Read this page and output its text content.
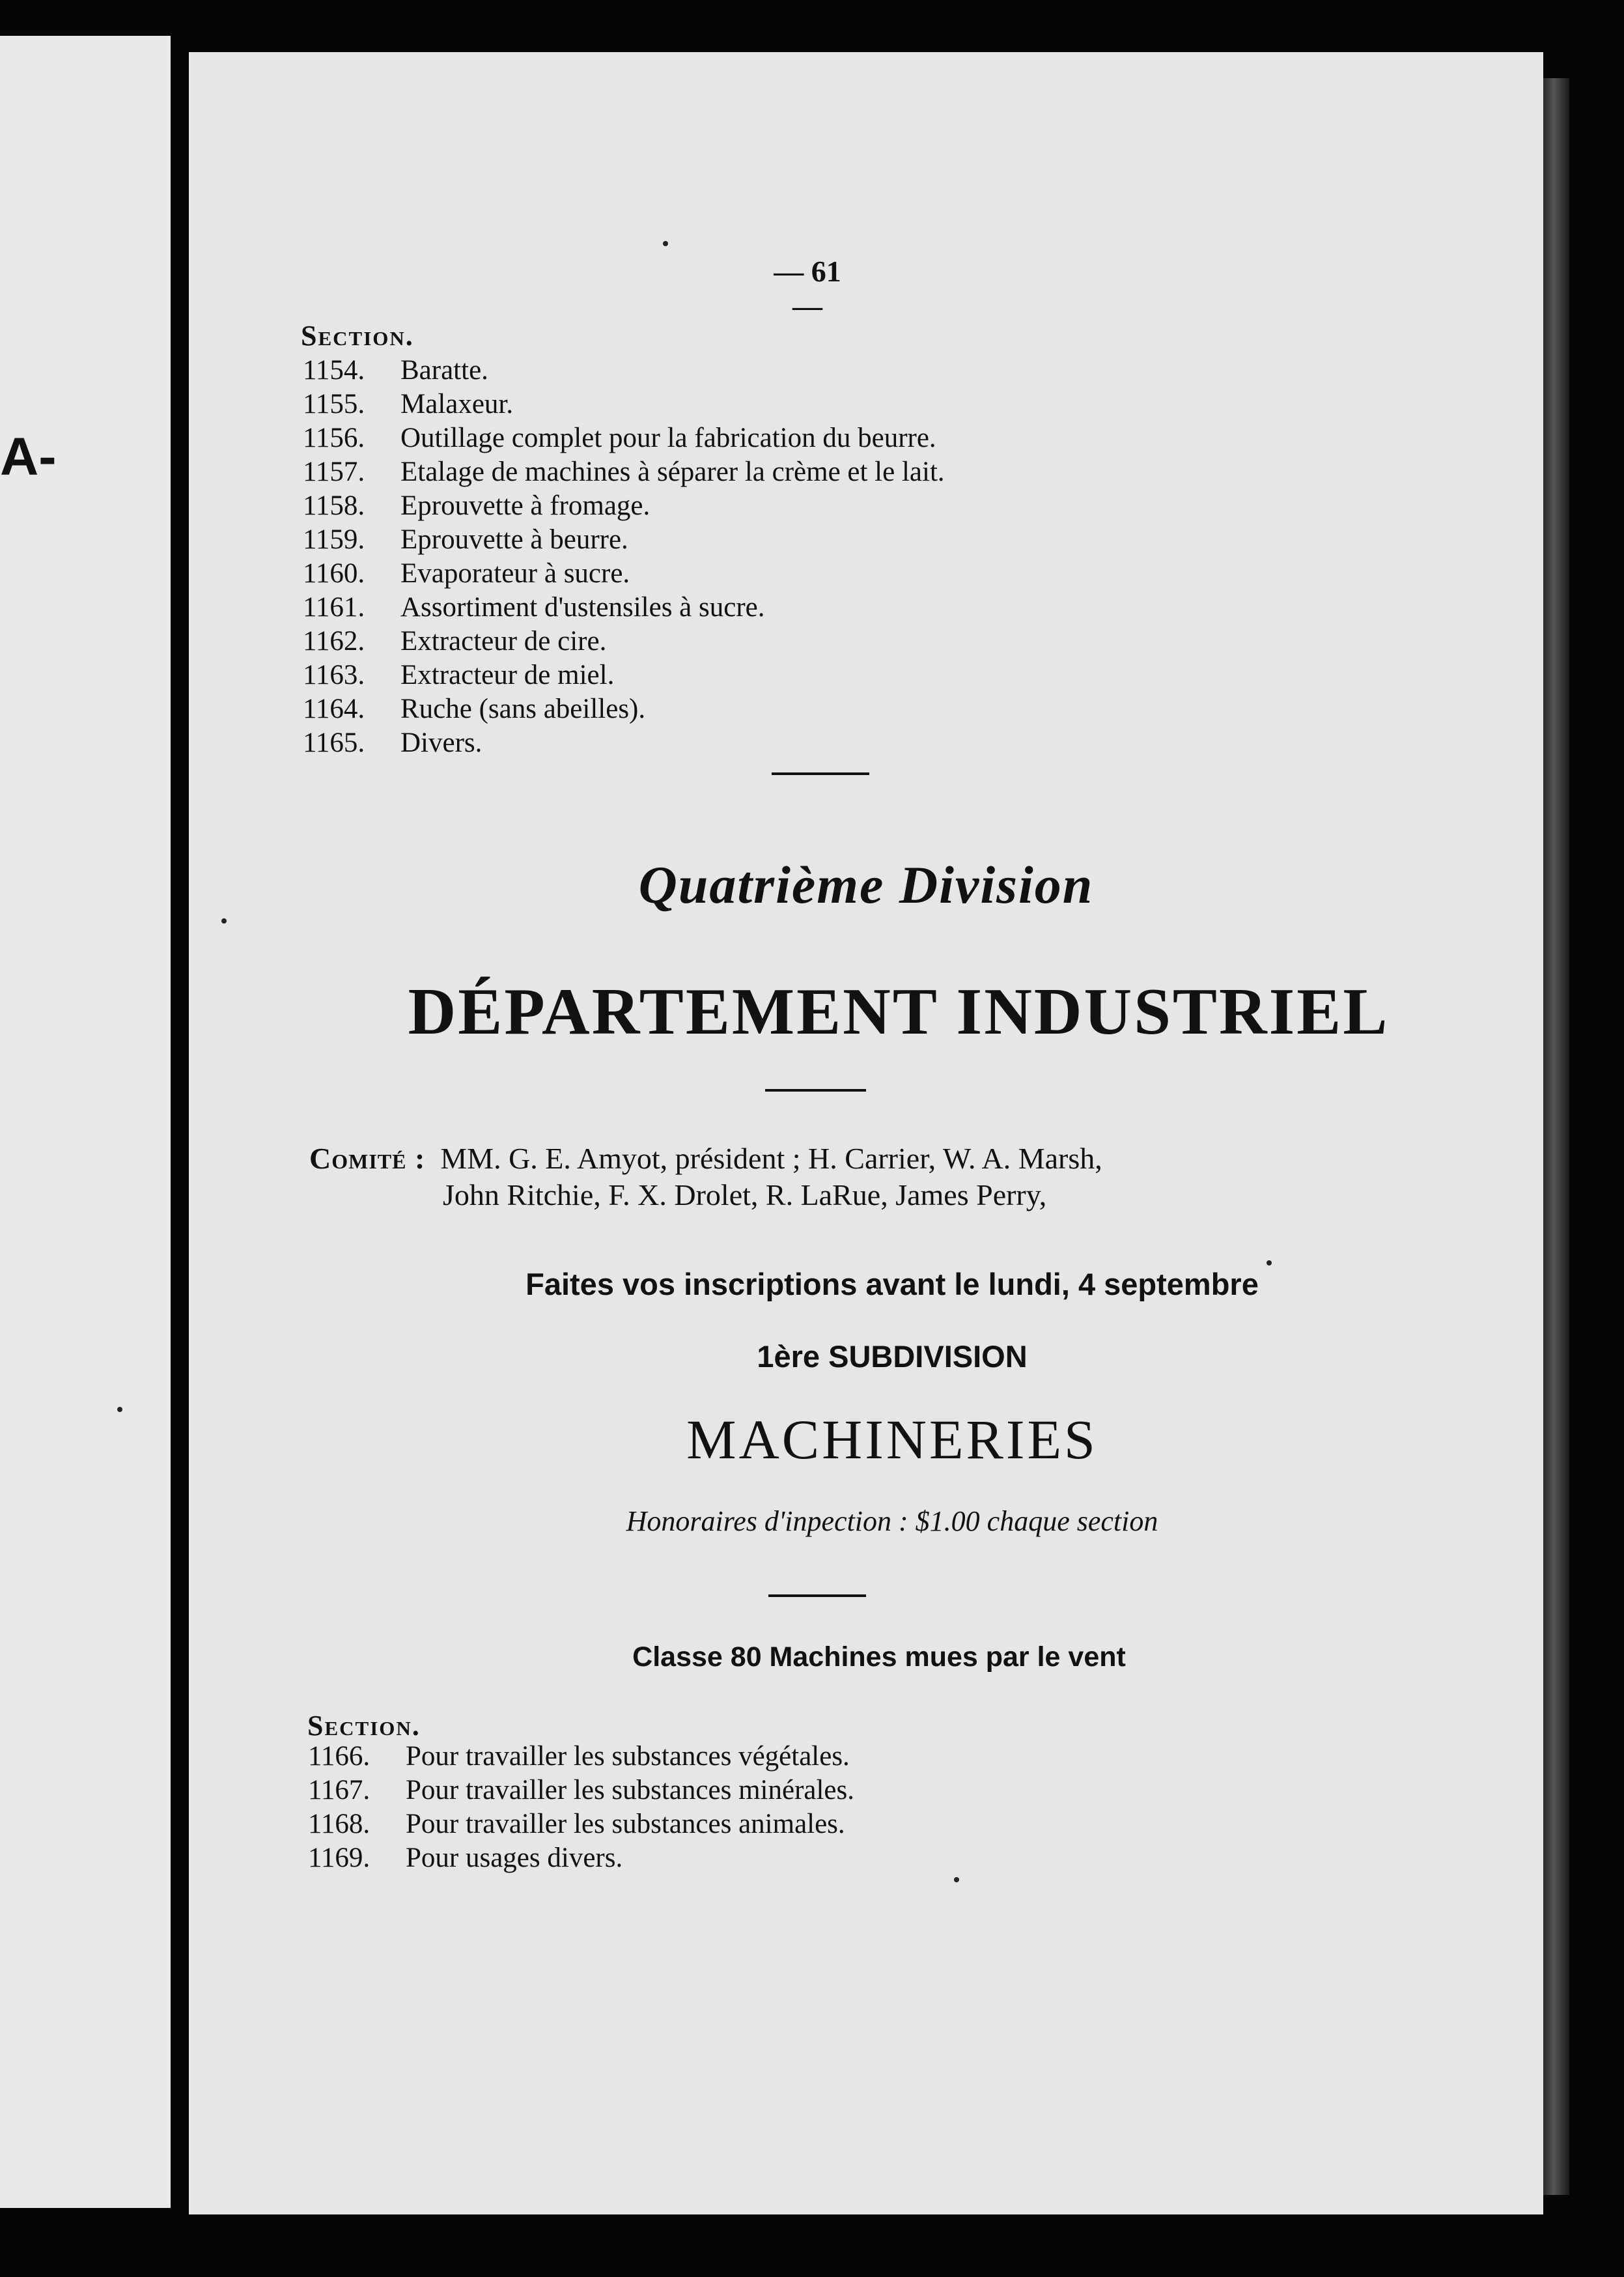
A-
— 61 —
Section.
1154. Baratte.
1155. Malaxeur.
1156. Outillage complet pour la fabrication du beurre.
1157. Etalage de machines à séparer la crème et le lait.
1158. Eprouvette à fromage.
1159. Eprouvette à beurre.
1160. Evaporateur à sucre.
1161. Assortiment d'ustensiles à sucre.
1162. Extracteur de cire.
1163. Extracteur de miel.
1164. Ruche (sans abeilles).
1165. Divers.
Quatrième Division
DÉPARTEMENT INDUSTRIEL
Comité : MM. G. E. Amyot, président ; H. Carrier, W. A. Marsh,
John Ritchie, F. X. Drolet, R. LaRue, James Perry,
Faites vos inscriptions avant le lundi, 4 septembre
1ère SUBDIVISION
MACHINERIES
Honoraires d'inpection : $1.00 chaque section
Classe 80 Machines mues par le vent
Section.
1166. Pour travailler les substances végétales.
1167. Pour travailler les substances minérales.
1168. Pour travailler les substances animales.
1169. Pour usages divers.
